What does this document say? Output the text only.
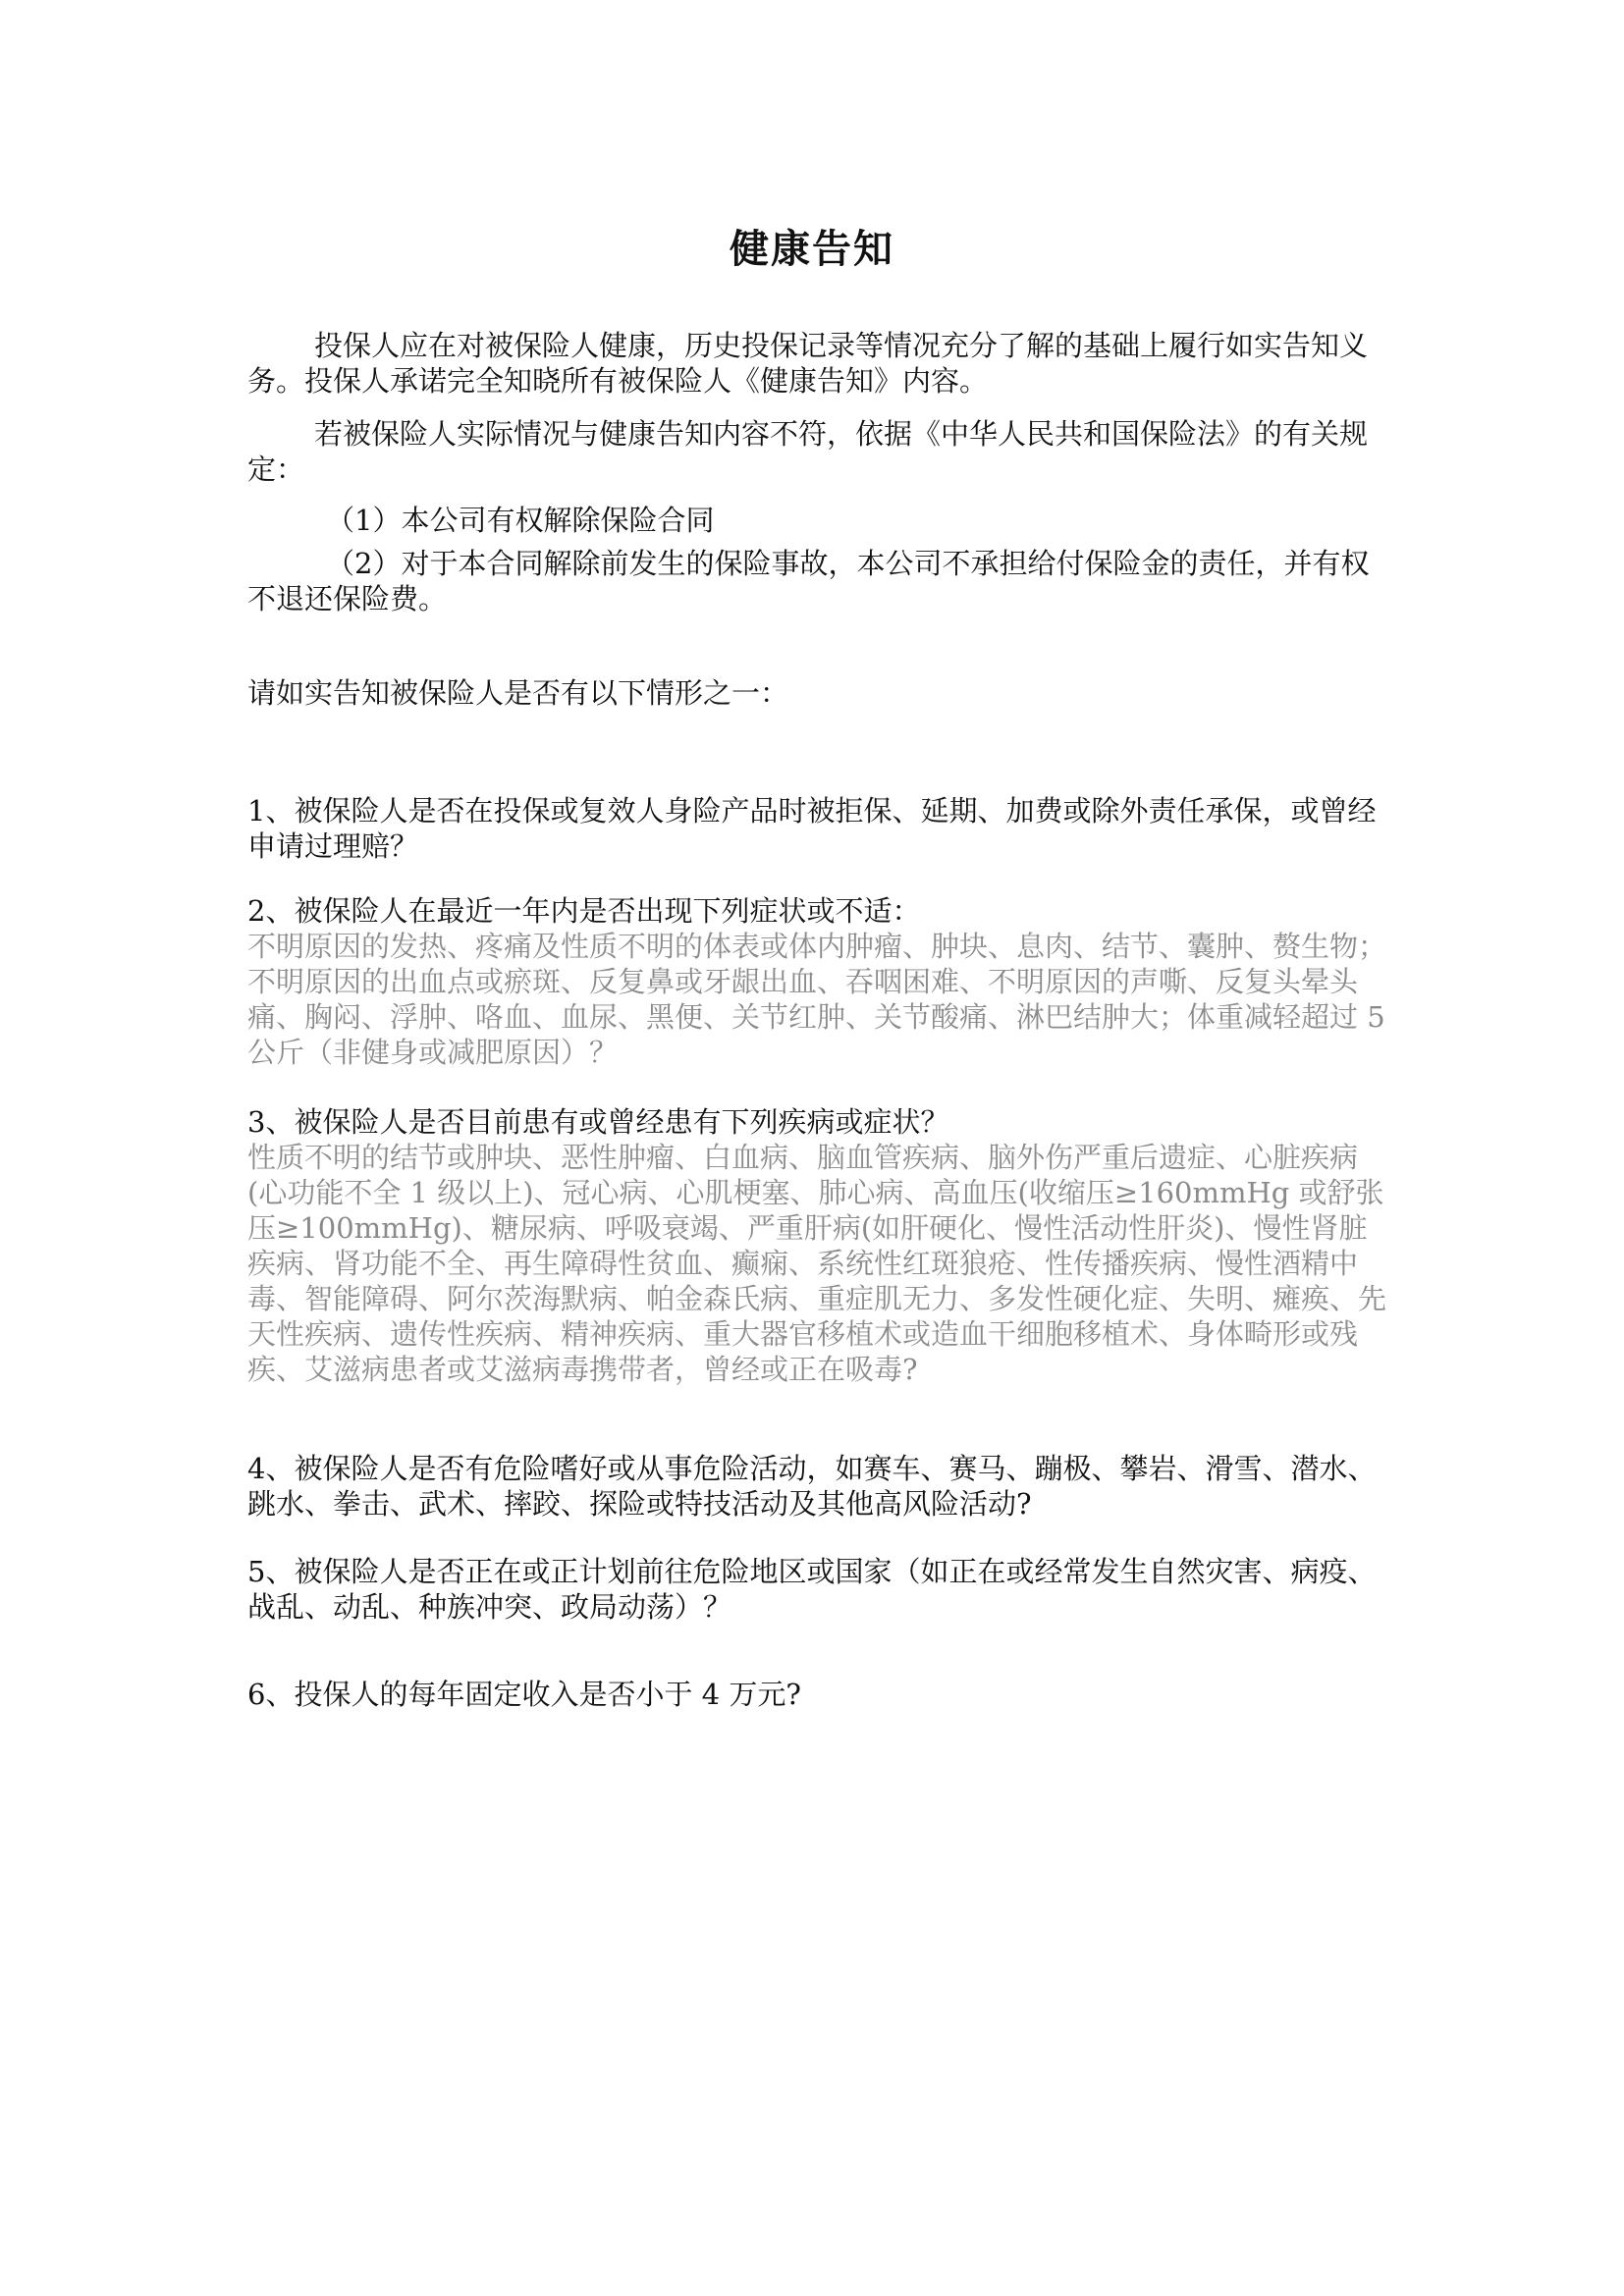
健康告知

投保人应在对被保险人健康，历史投保记录等情况充分了解的基础上履行如实告知义务。投保人承诺完全知晓所有被保险人《健康告知》内容。

若被保险人实际情况与健康告知内容不符，依据《中华人民共和国保险法》的有关规定：

（1）本公司有权解除保险合同

（2）对于本合同解除前发生的保险事故，本公司不承担给付保险金的责任，并有权不退还保险费。

请如实告知被保险人是否有以下情形之一：

1、被保险人是否在投保或复效人身险产品时被拒保、延期、加费或除外责任承保，或曾经申请过理赔？
2、被保险人在最近一年内是否出现下列症状或不适：
不明原因的发热、疼痛及性质不明的体表或体内肿瘤、肿块、息肉、结节、囊肿、赘生物；不明原因的出血点或瘀斑、反复鼻或牙龈出血、吞咽困难、不明原因的声嘶、反复头晕头痛、胸闷、浮肿、咯血、血尿、黑便、关节红肿、关节酸痛、淋巴结肿大；体重减轻超过 5 公斤（非健身或减肥原因）？
3、被保险人是否目前患有或曾经患有下列疾病或症状？
性质不明的结节或肿块、恶性肿瘤、白血病、脑血管疾病、脑外伤严重后遗症、心脏疾病(心功能不全 1 级以上)、冠心病、心肌梗塞、肺心病、高血压(收缩压≥160mmHg 或舒张压≥100mmHg)、糖尿病、呼吸衰竭、严重肝病(如肝硬化、慢性活动性肝炎)、慢性肾脏疾病、肾功能不全、再生障碍性贫血、癫痫、系统性红斑狼疮、性传播疾病、慢性酒精中毒、智能障碍、阿尔茨海默病、帕金森氏病、重症肌无力、多发性硬化症、失明、瘫痪、先天性疾病、遗传性疾病、精神疾病、重大器官移植术或造血干细胞移植术、身体畸形或残疾、艾滋病患者或艾滋病毒携带者，曾经或正在吸毒?
4、被保险人是否有危险嗜好或从事危险活动，如赛车、赛马、蹦极、攀岩、滑雪、潜水、跳水、拳击、武术、摔跤、探险或特技活动及其他高风险活动?
5、被保险人是否正在或正计划前往危险地区或国家（如正在或经常发生自然灾害、病疫、战乱、动乱、种族冲突、政局动荡）？
6、投保人的每年固定收入是否小于 4 万元?
